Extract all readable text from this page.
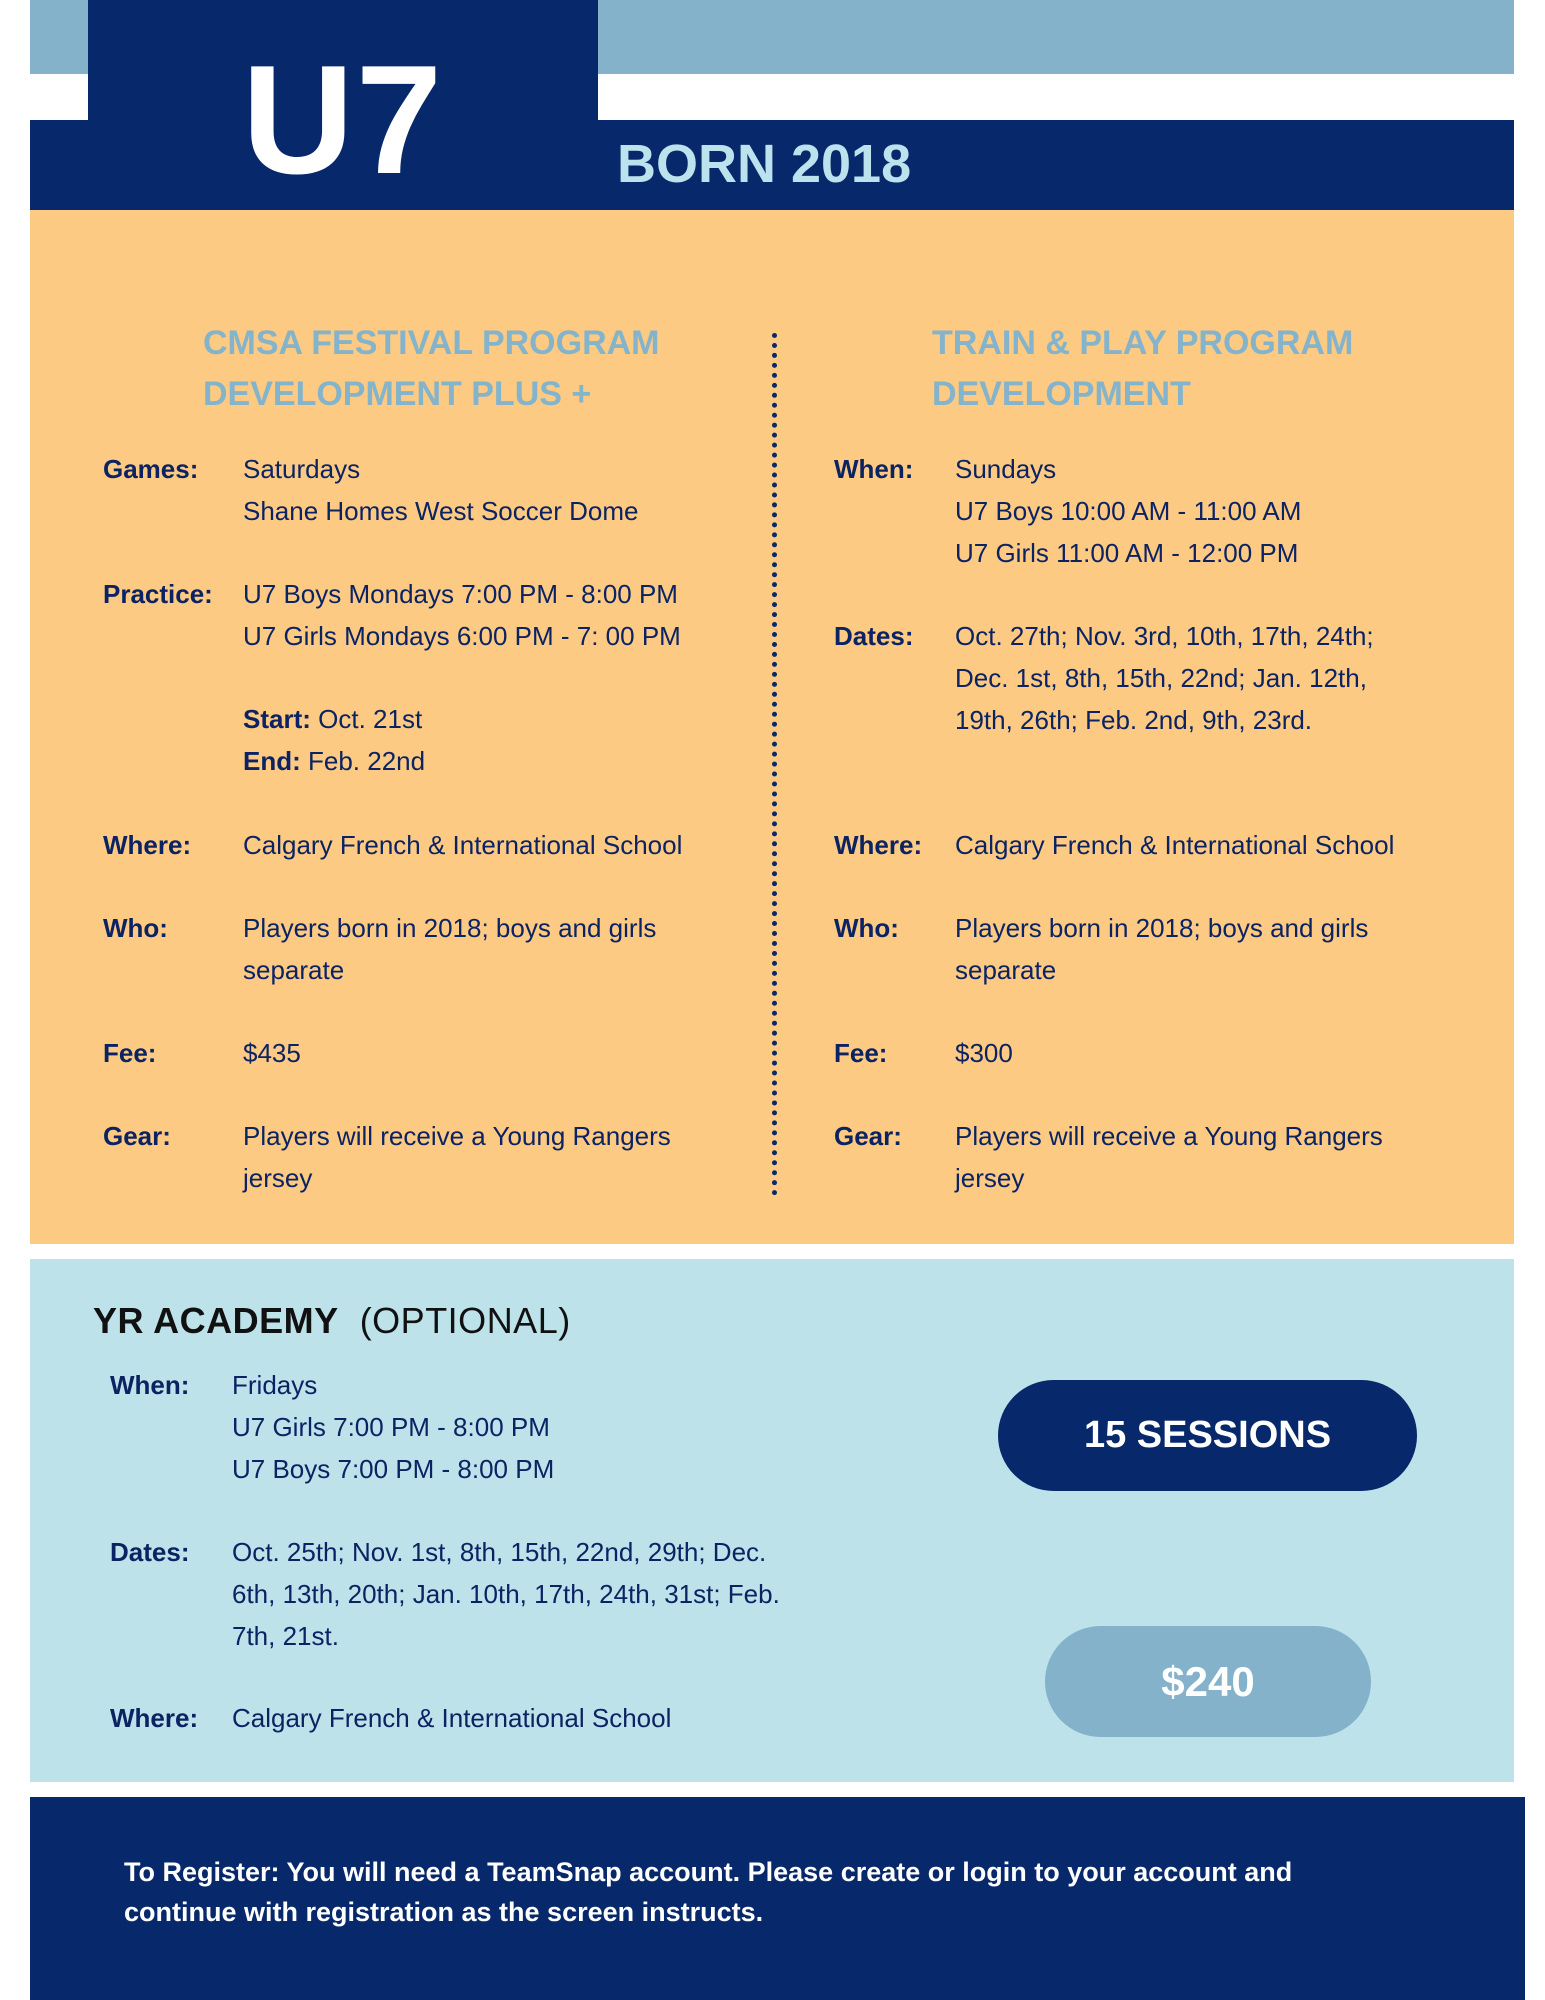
U7	BORN 2018
CMSA FESTIVAL PROGRAM
DEVELOPMENT PLUS +
Games: Saturdays
Shane Homes West Soccer Dome
Practice: U7 Boys Mondays 7:00 PM - 8:00 PM
U7 Girls Mondays 6:00 PM - 7: 00 PM
Start: Oct. 21st
End: Feb. 22nd
Where: Calgary French & International School
Who:	Players born in 2018; boys and girls
separate
Fee:	$435
Gear:	Players will receive a Young Rangers
jersey
TRAIN & PLAY PROGRAM
DEVELOPMENT
When: Sundays
U7 Boys 10:00 AM - 11:00 AM
U7 Girls 11:00 AM - 12:00 PM
Dates: Oct. 27th; Nov. 3rd, 10th, 17th, 24th;
Dec. 1st, 8th, 15th, 22nd; Jan. 12th,
19th, 26th; Feb. 2nd, 9th, 23rd.
Where: Calgary French & International School
Who: Players born in 2018; boys and girls
separate
Fee:	$300
Gear: Players will receive a Young Rangers
jersey
YR ACADEMY  (OPTIONAL)
When: Fridays
U7 Girls 7:00 PM - 8:00 PM
U7 Boys 7:00 PM - 8:00 PM
Dates: Oct. 25th; Nov. 1st, 8th, 15th, 22nd, 29th; Dec.
6th, 13th, 20th; Jan. 10th, 17th, 24th, 31st; Feb.
7th, 21st.
Where: Calgary French & International School
15 SESSIONS
$240
To Register: You will need a TeamSnap account. Please create or login to your account and
continue with registration as the screen instructs.
